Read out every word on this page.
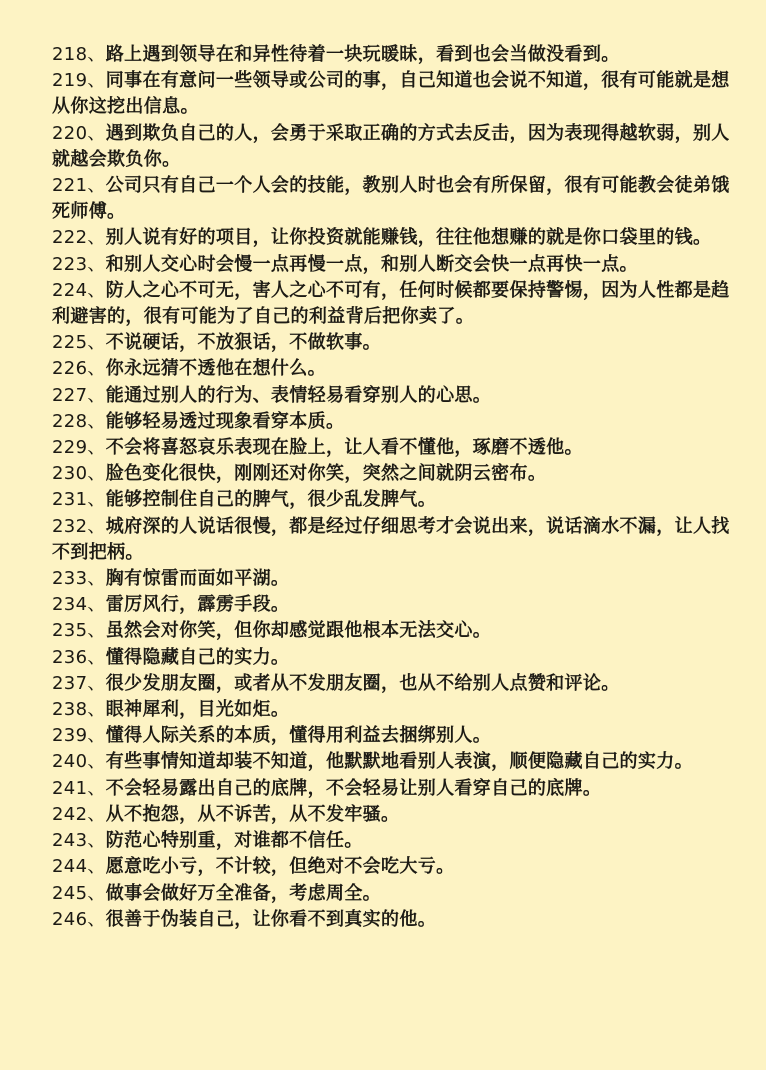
218、路上遇到领导在和异性待着一块玩暖昧，看到也会当做没看到。
219、同事在有意问一些领导或公司的事，自己知道也会说不知道，很有可能就是想从你这挖出信息。
220、遇到欺负自己的人，会勇于采取正确的方式去反击，因为表现得越软弱，别人就越会欺负你。
221、公司只有自己一个人会的技能，教别人时也会有所保留，很有可能教会徒弟饿死师傅。
222、别人说有好的项目，让你投资就能赚钱，往往他想赚的就是你口袋里的钱。
223、和别人交心时会慢一点再慢一点，和别人断交会快一点再快一点。
224、防人之心不可无，害人之心不可有，任何时候都要保持警惕，因为人性都是趋利避害的，很有可能为了自己的利益背后把你卖了。
225、不说硬话，不放狠话，不做软事。
226、你永远猜不透他在想什么。
227、能通过别人的行为、表情轻易看穿别人的心思。
228、能够轻易透过现象看穿本质。
229、不会将喜怒哀乐表现在脸上，让人看不懂他，琢磨不透他。
230、脸色变化很快，刚刚还对你笑，突然之间就阴云密布。
231、能够控制住自己的脾气，很少乱发脾气。
232、城府深的人说话很慢，都是经过仔细思考才会说出来，说话滴水不漏，让人找不到把柄。
233、胸有惊雷而面如平湖。
234、雷厉风行，霹雳手段。
235、虽然会对你笑，但你却感觉跟他根本无法交心。
236、懂得隐藏自己的实力。
237、很少发朋友圈，或者从不发朋友圈，也从不给别人点赞和评论。
238、眼神犀利，目光如炬。
239、懂得人际关系的本质，懂得用利益去捆绑别人。
240、有些事情知道却装不知道，他默默地看别人表演，顺便隐藏自己的实力。
241、不会轻易露出自己的底牌，不会轻易让别人看穿自己的底牌。
242、从不抱怨，从不诉苦，从不发牢骚。
243、防范心特别重，对谁都不信任。
244、愿意吃小亏，不计较，但绝对不会吃大亏。
245、做事会做好万全准备，考虑周全。
246、很善于伪装自己，让你看不到真实的他。
